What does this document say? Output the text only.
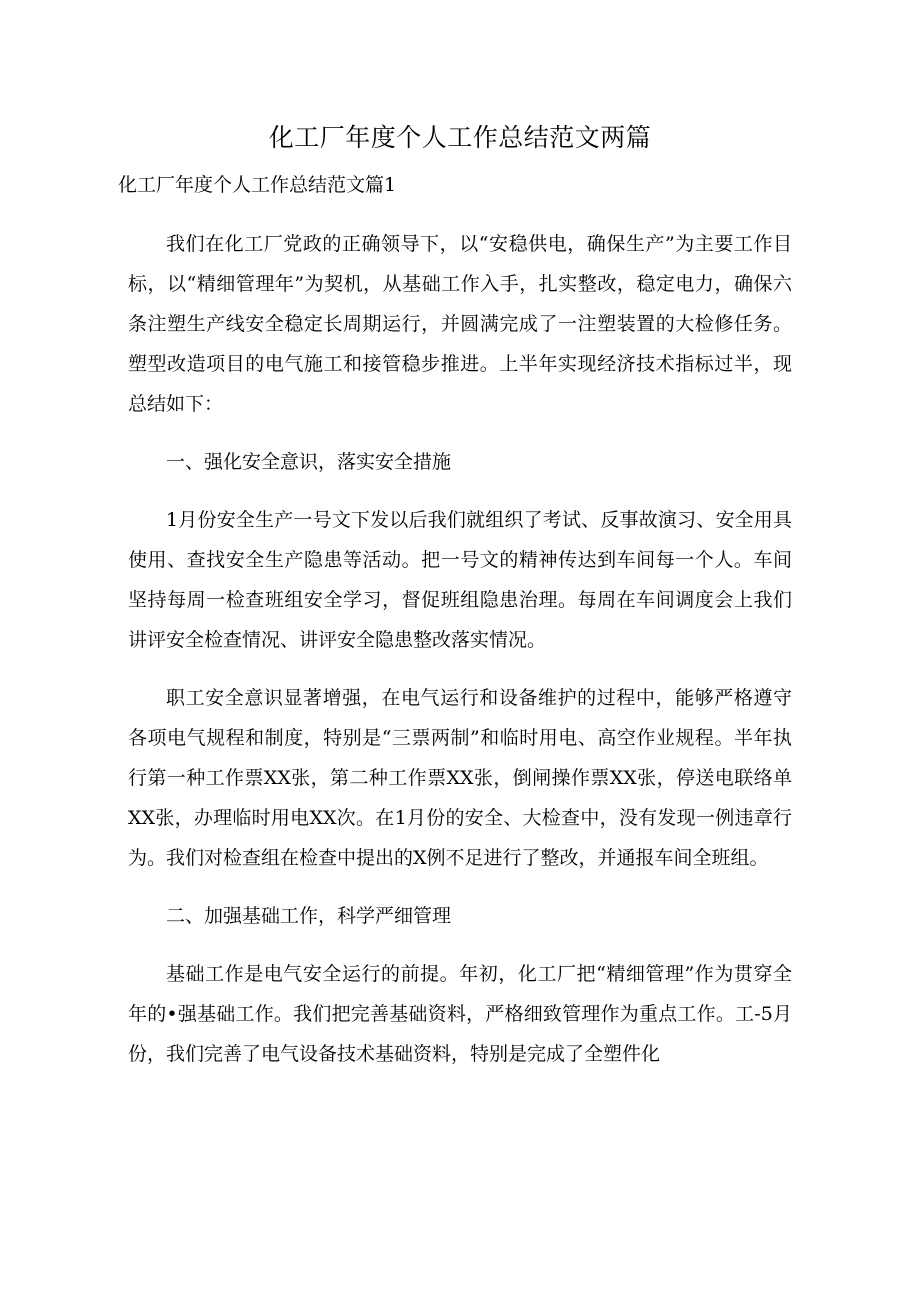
化工厂年度个人工作总结范文两篇
化工厂年度个人工作总结范文篇1

我们在化工厂党政的正确领导下，以“安稳供电，确保生产”为主要工作目标，以“精细管理年”为契机，从基础工作入手，扎实整改，稳定电力，确保六条注塑生产线安全稳定长周期运行，并圆满完成了一注塑装置的大检修任务。塑型改造项目的电气施工和接管稳步推进。上半年实现经济技术指标过半，现总结如下：

一、强化安全意识，落实安全措施

1月份安全生产一号文下发以后我们就组织了考试、反事故演习、安全用具使用、查找安全生产隐患等活动。把一号文的精神传达到车间每一个人。车间坚持每周一检查班组安全学习，督促班组隐患治理。每周在车间调度会上我们讲评安全检查情况、讲评安全隐患整改落实情况。

职工安全意识显著增强，在电气运行和设备维护的过程中，能够严格遵守各项电气规程和制度，特别是“三票两制”和临时用电、高空作业规程。半年执行第一种工作票XX张，第二种工作票XX张，倒闸操作票XX张，停送电联络单XX张，办理临时用电XX次。在1月份的安全、大检查中，没有发现一例违章行为。我们对检查组在检查中提出的X例不足进行了整改，并通报车间全班组。

二、加强基础工作，科学严细管理

基础工作是电气安全运行的前提。年初，化工厂把“精细管理”作为贯穿全年的•强基础工作。我们把完善基础资料，严格细致管理作为重点工作。工-5月份，我们完善了电气设备技术基础资料，特别是完成了全塑件化
